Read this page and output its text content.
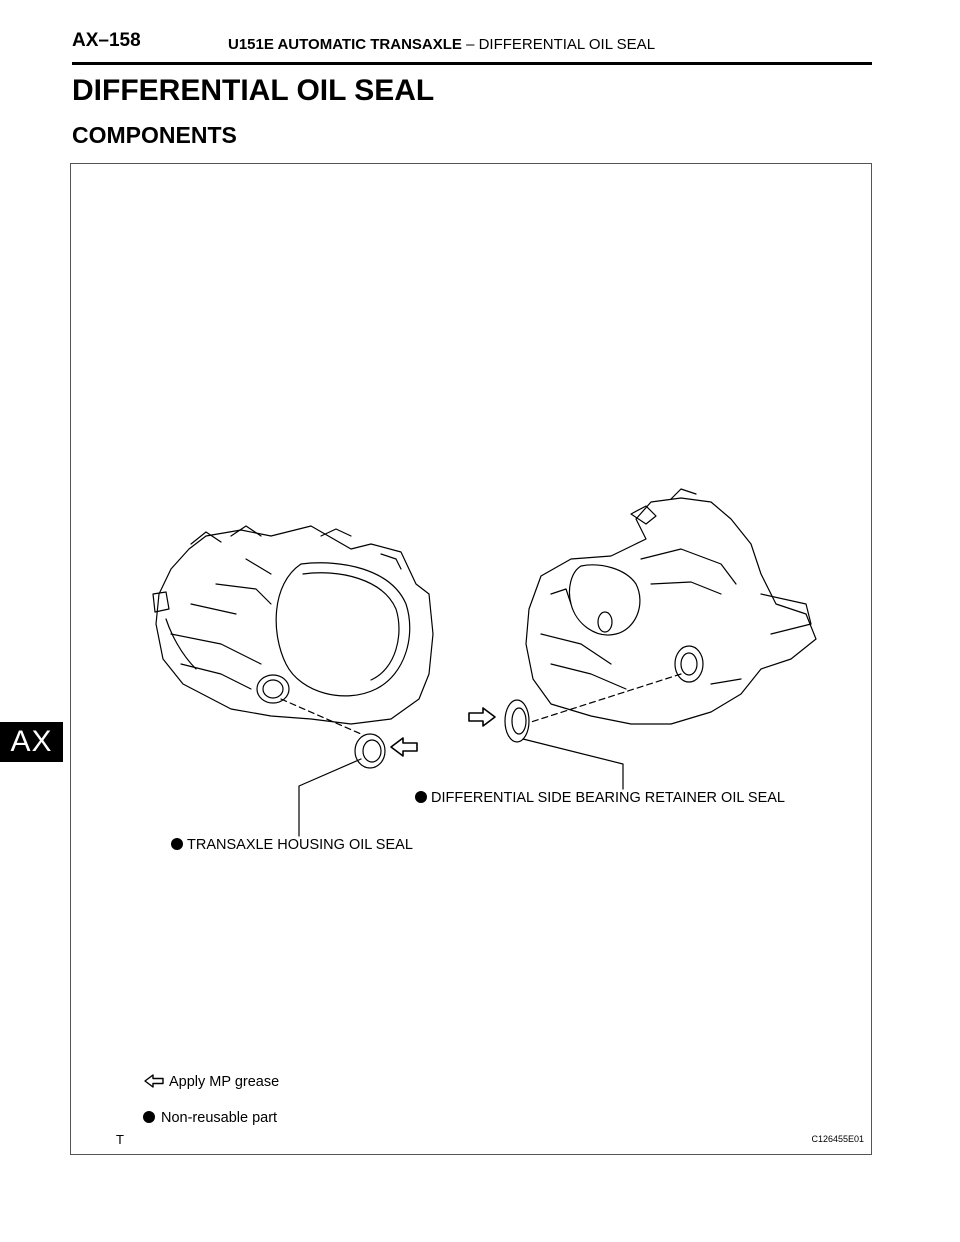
AX–158	U151E AUTOMATIC TRANSAXLE – DIFFERENTIAL OIL SEAL
DIFFERENTIAL OIL SEAL
COMPONENTS
AX
DIFFERENTIAL SIDE BEARING RETAINER OIL SEAL
TRANSAXLE HOUSING OIL SEAL
Apply MP grease
Non-reusable part
T	C126455E01
